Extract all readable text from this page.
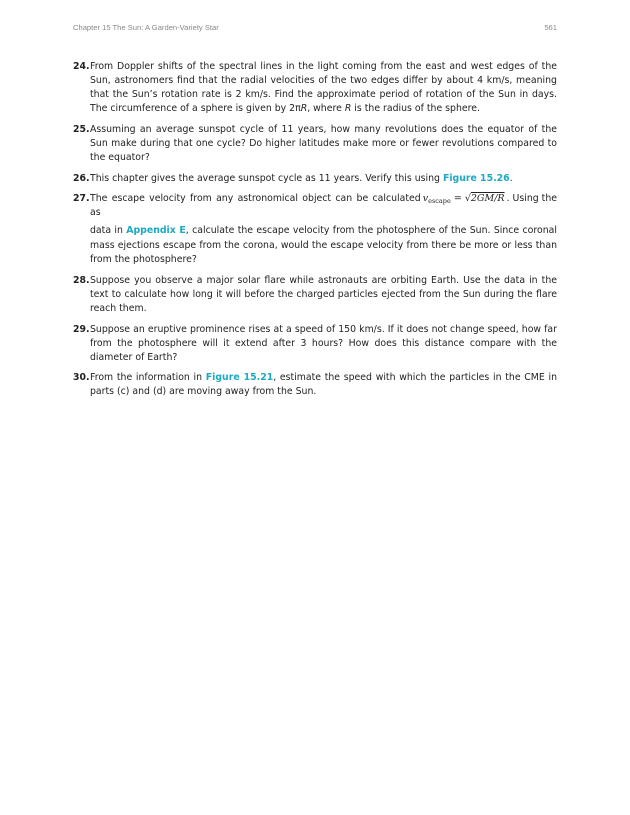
Chapter 15 The Sun: A Garden-Variety Star	561
24. From Doppler shifts of the spectral lines in the light coming from the east and west edges of the Sun, astronomers find that the radial velocities of the two edges differ by about 4 km/s, meaning that the Sun’s rotation rate is 2 km/s. Find the approximate period of rotation of the Sun in days. The circumference of a sphere is given by 2πR, where R is the radius of the sphere.
25. Assuming an average sunspot cycle of 11 years, how many revolutions does the equator of the Sun make during that one cycle? Do higher latitudes make more or fewer revolutions compared to the equator?
26. This chapter gives the average sunspot cycle as 11 years. Verify this using Figure 15.26.
27. The escape velocity from any astronomical object can be calculated as
$v_{escape} = √2GM/R$ . Using the
data in Appendix E, calculate the escape velocity from the photosphere of the Sun. Since coronal mass ejections escape from the corona, would the escape velocity from there be more or less than from the photosphere?
28. Suppose you observe a major solar flare while astronauts are orbiting Earth. Use the data in the text to calculate how long it will before the charged particles ejected from the Sun during the flare reach them.
29. Suppose an eruptive prominence rises at a speed of 150 km/s. If it does not change speed, how far from the photosphere will it extend after 3 hours? How does this distance compare with the diameter of Earth?
30. From the information in Figure 15.21, estimate the speed with which the particles in the CME in parts (c) and (d) are moving away from the Sun.
